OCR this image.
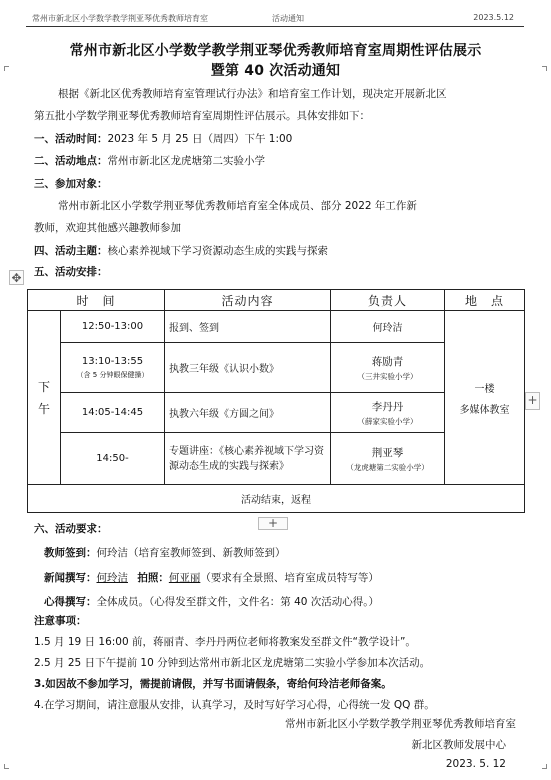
常州市新北区小学数学教学荆亚琴优秀教师培育室	活动通知	2023.5.12
常州市新北区小学数学教学荆亚琴优秀教师培育室周期性评估展示
暨第 40 次活动通知
根据《新北区优秀教师培育室管理试行办法》和培育室工作计划，现决定开展新北区
第五批小学数学荆亚琴优秀教师培育室周期性评估展示。具体安排如下：
一、活动时间：2023 年 5 月 25 日（周四）下午 1:00
二、活动地点：常州市新北区龙虎塘第二实验小学
三、参加对象：
常州市新北区小学数学荆亚琴优秀教师培育室全体成员、部分 2022 年工作新
教师，欢迎其他感兴趣教师参加
四、活动主题：核心素养视域下学习资源动态生成的实践与探索
五、活动安排：
✥
时　间		活动内容	负责人	地　点
下午	12:50-13:00	报到、签到	何玲洁	一楼
多媒体教室

	13:10-13:55
（含 5 分钟眼保健操）	执教三年级《认识小数》	蒋励青
（三井实验小学）	

	14:05-14:45	执教六年级《方圆之间》	李丹丹
（薛家实验小学）	

	14:50-	专题讲座：《核心素养视域下学习资源动态生成的实践与探索》	荆亚琴
（龙虎塘第二实验小学）	

活动结束，返程				
+
+
六、活动要求：
教师签到：何玲洁（培育室教师签到、新教师签到）
新闻撰写：何玲洁 拍照：何亚丽（要求有全景照、培育室成员特写等）
心得撰写：全体成员。（心得发至群文件，文件名：第 40 次活动心得。）
注意事项：
1.5 月 19 日 16:00 前，蒋丽青、李丹丹两位老师将教案发至群文件“教学设计”。
2.5 月 25 日下午提前 10 分钟到达常州市新北区龙虎塘第二实验小学参加本次活动。
3.如因故不参加学习，需提前请假，并写书面请假条，寄给何玲洁老师备案。
4.在学习期间，请注意服从安排，认真学习，及时写好学习心得，心得统一发 QQ 群。
常州市新北区小学数学教学荆亚琴优秀教师培育室
新北区教师发展中心
2023. 5. 12
